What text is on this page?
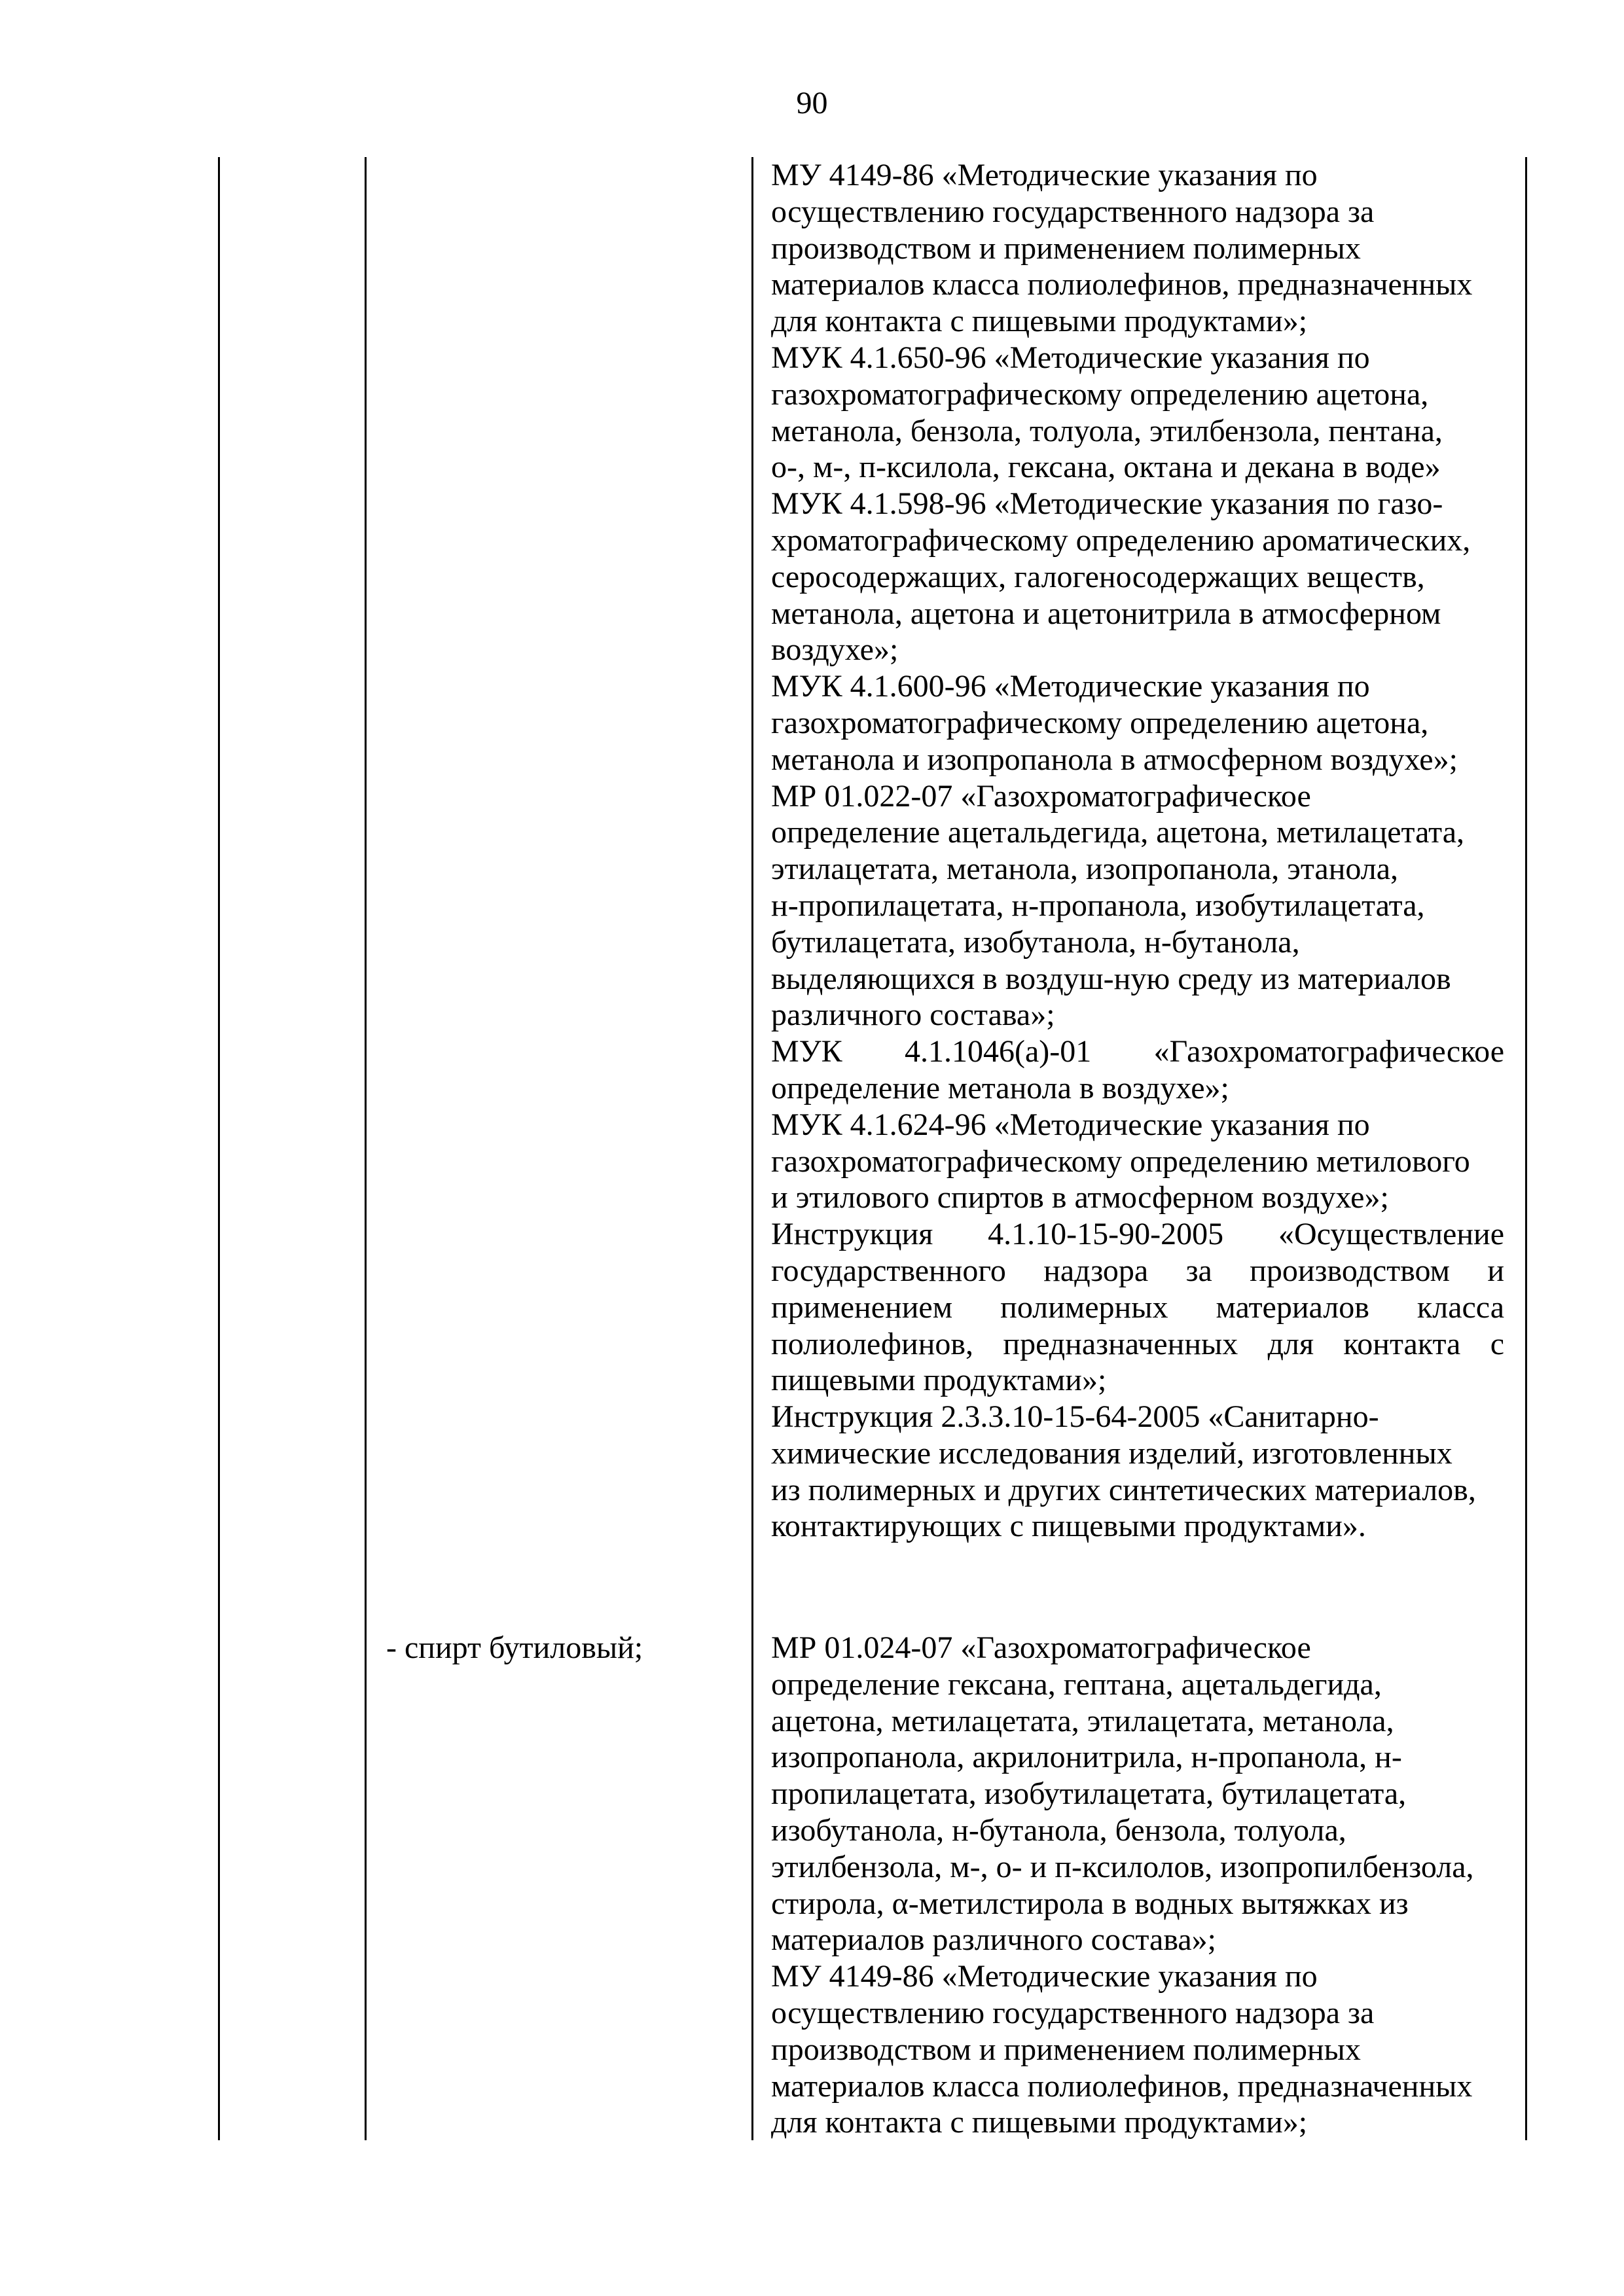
90
МУ 4149-86 «Методические указания по
осуществлению государственного надзора за
производством и применением полимерных
материалов класса полиолефинов, предназначенных
для контакта с пищевыми продуктами»;
МУК 4.1.650-96 «Методические указания по
газохроматографическому определению ацетона,
метанола, бензола, толуола, этилбензола, пентана,
о-, м-, п-ксилола, гексана, октана и декана в воде»
МУК 4.1.598-96 «Методические указания по газо-
хроматографическому определению ароматических,
серосодержащих, галогеносодержащих веществ,
метанола, ацетона и ацетонитрила в атмосферном
воздухе»;
МУК 4.1.600-96 «Методические указания по
газохроматографическому определению ацетона,
метанола и изопропанола в атмосферном воздухе»;
МР 01.022-07 «Газохроматографическое
определение ацетальдегида, ацетона, метилацетата,
этилацетата, метанола, изопропанола, этанола,
н-пропилацетата, н-пропанола, изобутилацетата,
бутилацетата, изобутанола, н-бутанола,
выделяющихся в воздуш-ную среду из материалов
различного состава»;
МУК 4.1.1046(а)-01 «Газохроматографическое
определение метанола в воздухе»;
МУК 4.1.624-96 «Методические указания по
газохроматографическому определению метилового
и этилового спиртов в атмосферном воздухе»;
Инструкция 4.1.10-15-90-2005 «Осуществление
государственного надзора за производством и
применением полимерных материалов класса
полиолефинов, предназначенных для контакта с
пищевыми продуктами»;
Инструкция 2.3.3.10-15-64-2005 «Санитарно-
химические исследования изделий, изготовленных
из полимерных и других синтетических материалов,
контактирующих с пищевыми продуктами».
- спирт бутиловый;	МР 01.024-07 «Газохроматографическое
определение гексана, гептана, ацетальдегида,
ацетона, метилацетата, этилацетата, метанола,
изопропанола, акрилонитрила, н-пропанола, н-
пропилацетата, изобутилацетата, бутилацетата,
изобутанола, н-бутанола, бензола, толуола,
этилбензола, м-, о- и п-ксилолов, изопропилбензола,
стирола, α-метилстирола в водных вытяжках из
материалов различного состава»;
МУ 4149-86 «Методические указания по
осуществлению государственного надзора за
производством и применением полимерных
материалов класса полиолефинов, предназначенных
для контакта с пищевыми продуктами»;
